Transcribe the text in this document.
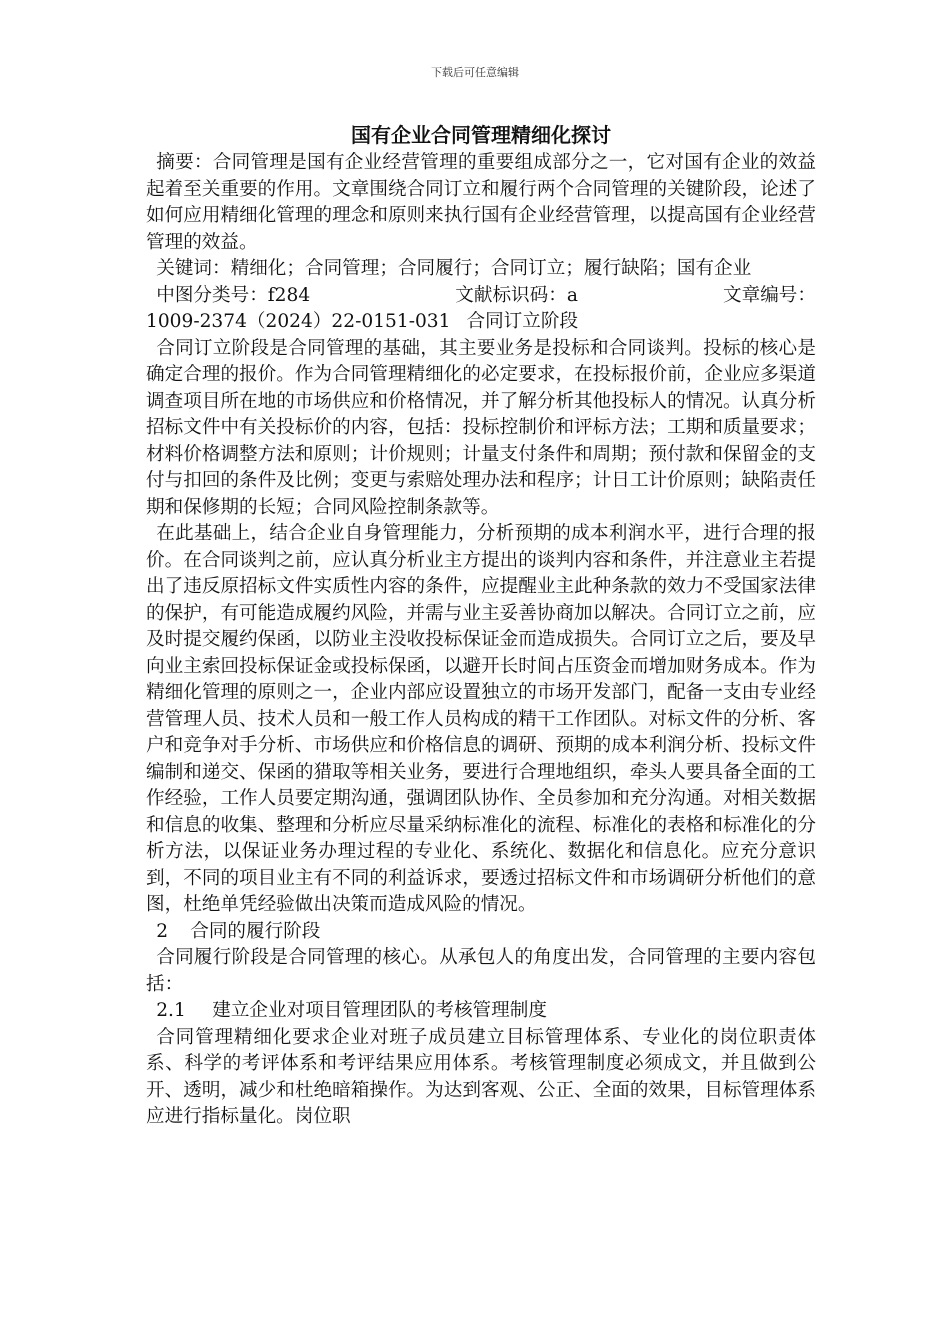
下载后可任意编辑
国有企业合同管理精细化探讨

摘要：合同管理是国有企业经营管理的重要组成部分之一，它对国有企业的效益起着至关重要的作用。文章围绕合同订立和履行两个合同管理的关键阶段，论述了如何应用精细化管理的理念和原则来执行国有企业经营管理，以提高国有企业经营管理的效益。

关键词：精细化；合同管理；合同履行；合同订立；履行缺陷；国有企业

中图分类号：f284	文献标识码：a	文章编号：
1009-2374（2024）22-0151-031 合同订立阶段

合同订立阶段是合同管理的基础，其主要业务是投标和合同谈判。投标的核心是确定合理的报价。作为合同管理精细化的必定要求，在投标报价前，企业应多渠道调查项目所在地的市场供应和价格情况，并了解分析其他投标人的情况。认真分析招标文件中有关投标价的内容，包括：投标控制价和评标方法；工期和质量要求；材料价格调整方法和原则；计价规则；计量支付条件和周期；预付款和保留金的支付与扣回的条件及比例；变更与索赔处理办法和程序；计日工计价原则；缺陷责任期和保修期的长短；合同风险控制条款等。

在此基础上，结合企业自身管理能力，分析预期的成本利润水平，进行合理的报价。在合同谈判之前，应认真分析业主方提出的谈判内容和条件，并注意业主若提出了违反原招标文件实质性内容的条件，应提醒业主此种条款的效力不受国家法律的保护，有可能造成履约风险，并需与业主妥善协商加以解决。合同订立之前，应及时提交履约保函，以防业主没收投标保证金而造成损失。合同订立之后，要及早向业主索回投标保证金或投标保函，以避开长时间占压资金而增加财务成本。作为精细化管理的原则之一，企业内部应设置独立的市场开发部门，配备一支由专业经营管理人员、技术人员和一般工作人员构成的精干工作团队。对标文件的分析、客户和竞争对手分析、市场供应和价格信息的调研、预期的成本利润分析、投标文件编制和递交、保函的猎取等相关业务，要进行合理地组织，牵头人要具备全面的工作经验，工作人员要定期沟通，强调团队协作、全员参加和充分沟通。对相关数据和信息的收集、整理和分析应尽量采纳标准化的流程、标准化的表格和标准化的分析方法，以保证业务办理过程的专业化、系统化、数据化和信息化。应充分意识到，不同的项目业主有不同的利益诉求，要透过招标文件和市场调研分析他们的意图，杜绝单凭经验做出决策而造成风险的情况。

2 合同的履行阶段

合同履行阶段是合同管理的核心。从承包人的角度出发，合同管理的主要内容包括：

2.1 建立企业对项目管理团队的考核管理制度

合同管理精细化要求企业对班子成员建立目标管理体系、专业化的岗位职责体系、科学的考评体系和考评结果应用体系。考核管理制度必须成文，并且做到公开、透明，减少和杜绝暗箱操作。为达到客观、公正、全面的效果，目标管理体系应进行指标量化。岗位职
